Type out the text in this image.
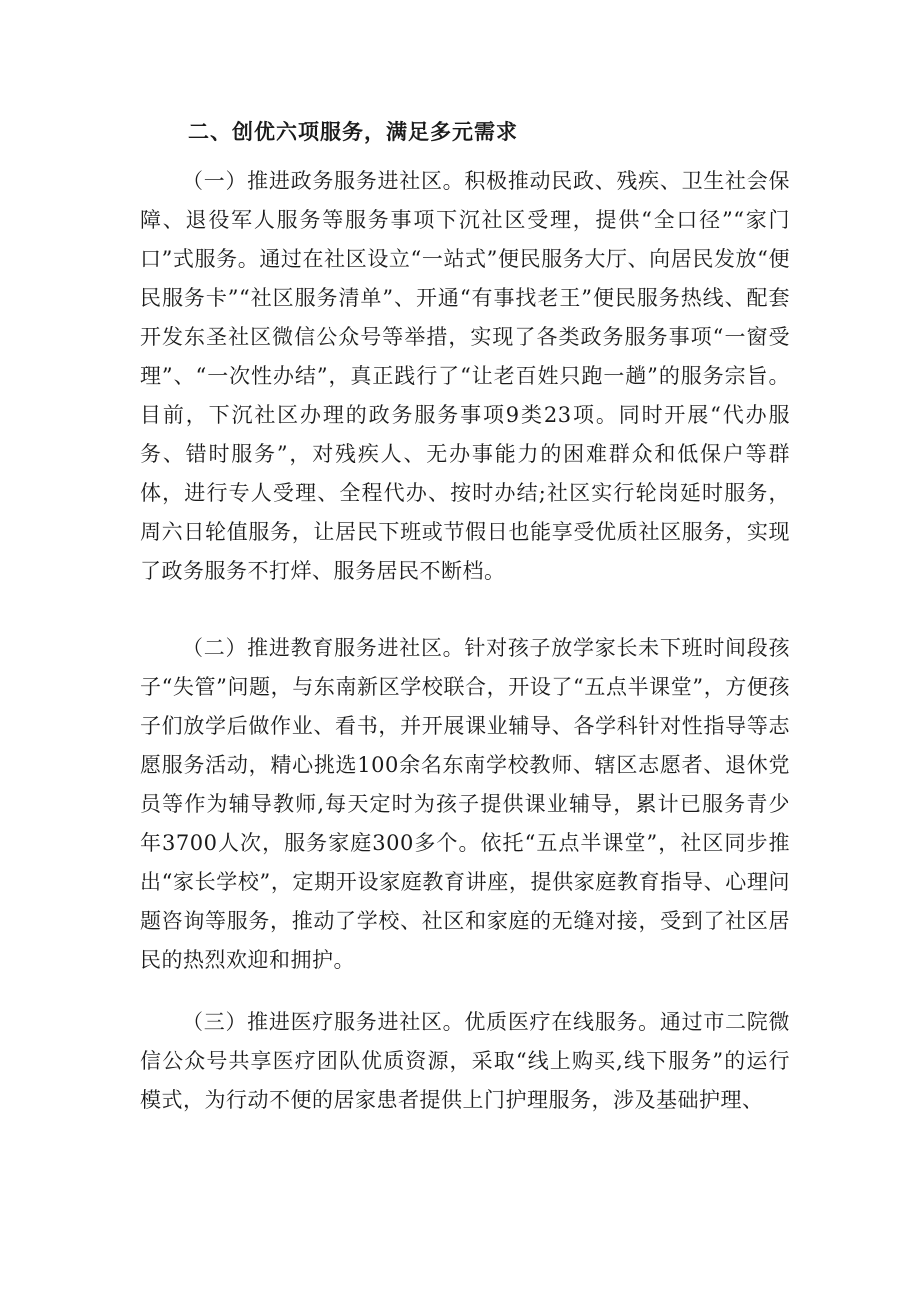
二、创优六项服务，满足多元需求

（一）推进政务服务进社区。积极推动民政、残疾、卫生社会保障、退役军人服务等服务事项下沉社区受理，提供“全口径”“家门口”式服务。通过在社区设立“一站式”便民服务大厅、向居民发放“便民服务卡”“社区服务清单”、开通“有事找老王”便民服务热线、配套开发东圣社区微信公众号等举措，实现了各类政务服务事项“一窗受理”、“一次性办结”，真正践行了“让老百姓只跑一趟”的服务宗旨。目前，下沉社区办理的政务服务事项9类23项。同时开展“代办服务、错时服务”，对残疾人、无办事能力的困难群众和低保户等群体，进行专人受理、全程代办、按时办结;社区实行轮岗延时服务，周六日轮值服务，让居民下班或节假日也能享受优质社区服务，实现了政务服务不打烊、服务居民不断档。

（二）推进教育服务进社区。针对孩子放学家长未下班时间段孩子“失管”问题，与东南新区学校联合，开设了“五点半课堂”，方便孩子们放学后做作业、看书，并开展课业辅导、各学科针对性指导等志愿服务活动，精心挑选100余名东南学校教师、辖区志愿者、退休党员等作为辅导教师,每天定时为孩子提供课业辅导，累计已服务青少年3700人次，服务家庭300多个。依托“五点半课堂”，社区同步推出“家长学校”，定期开设家庭教育讲座，提供家庭教育指导、心理问题咨询等服务，推动了学校、社区和家庭的无缝对接，受到了社区居民的热烈欢迎和拥护。

（三）推进医疗服务进社区。优质医疗在线服务。通过市二院微信公众号共享医疗团队优质资源，采取“线上购买,线下服务”的运行模式，为行动不便的居家患者提供上门护理服务，涉及基础护理、
